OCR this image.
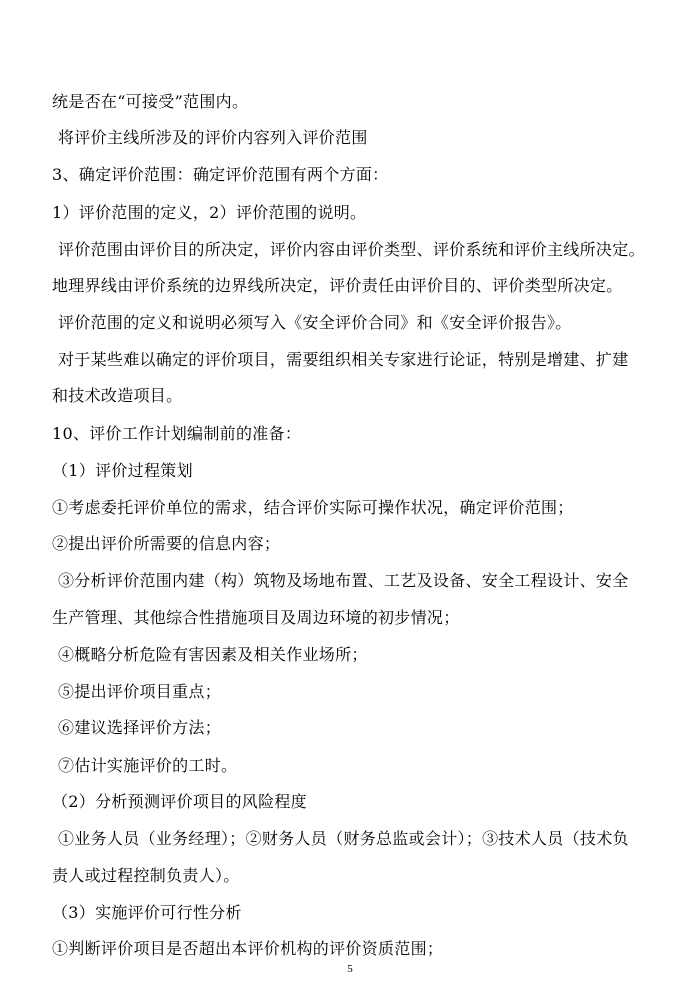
统是否在“可接受”范围内。
将评价主线所涉及的评价内容列入评价范围
3、确定评价范围：确定评价范围有两个方面：
1）评价范围的定义，2）评价范围的说明。
评价范围由评价目的所决定，评价内容由评价类型、评价系统和评价主线所决定。
地理界线由评价系统的边界线所决定，评价责任由评价目的、评价类型所决定。
评价范围的定义和说明必须写入《安全评价合同》和《安全评价报告》。
对于某些难以确定的评价项目，需要组织相关专家进行论证，特别是增建、扩建
和技术改造项目。
10、评价工作计划编制前的准备：
（1）评价过程策划
①考虑委托评价单位的需求，结合评价实际可操作状况，确定评价范围；
②提出评价所需要的信息内容；
③分析评价范围内建（构）筑物及场地布置、工艺及设备、安全工程设计、安全
生产管理、其他综合性措施项目及周边环境的初步情况；
④概略分析危险有害因素及相关作业场所；
⑤提出评价项目重点；
⑥建议选择评价方法；
⑦估计实施评价的工时。
（2）分析预测评价项目的风险程度
①业务人员（业务经理）；②财务人员（财务总监或会计）；③技术人员（技术负
责人或过程控制负责人）。
（3）实施评价可行性分析
①判断评价项目是否超出本评价机构的评价资质范围；
5
